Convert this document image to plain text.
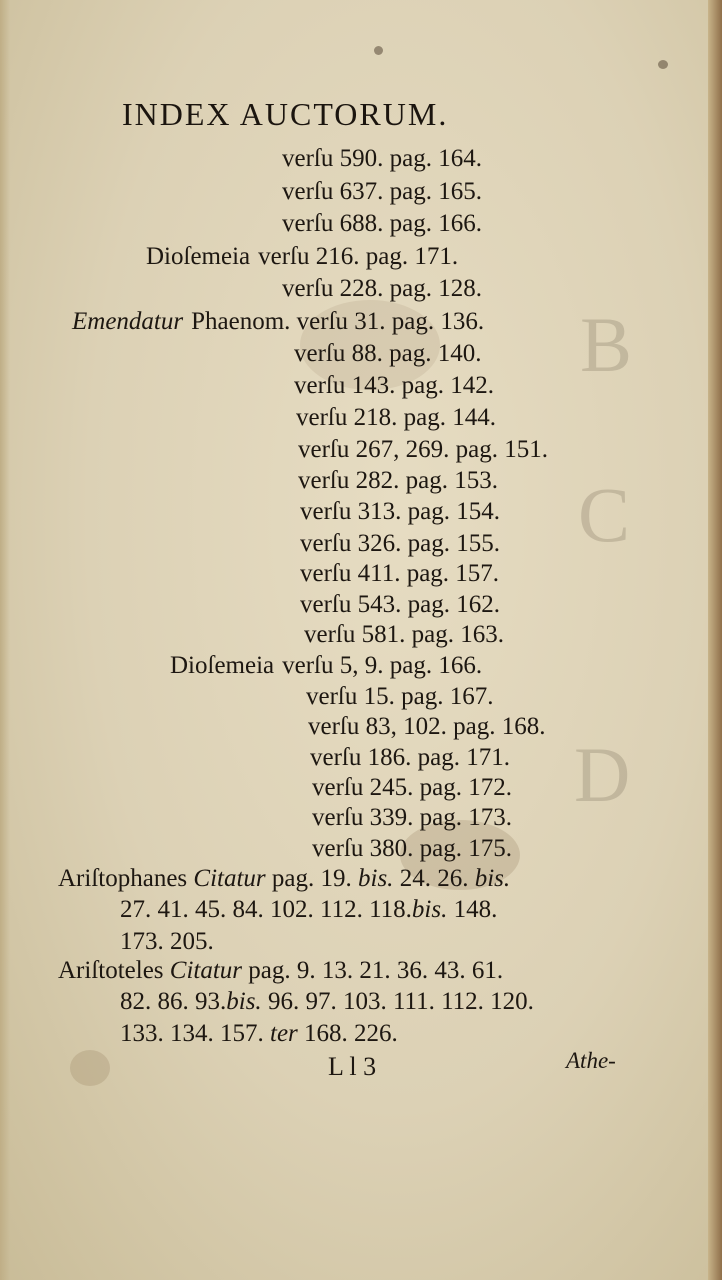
B
C
D
INDEX AUCTORUM.
verſu 590. pag. 164.
verſu 637. pag. 165.
verſu 688. pag. 166.
Dioſemeia verſu 216. pag. 171.
verſu 228. pag. 128.
Emendatur Phaenom. verſu 31. pag. 136.
verſu 88. pag. 140.
verſu 143. pag. 142.
verſu 218. pag. 144.
verſu 267, 269. pag. 151.
verſu 282. pag. 153.
verſu 313. pag. 154.
verſu 326. pag. 155.
verſu 411. pag. 157.
verſu 543. pag. 162.
verſu 581. pag. 163.
Dioſemeia verſu 5, 9. pag. 166.
verſu 15. pag. 167.
verſu 83, 102. pag. 168.
verſu 186. pag. 171.
verſu 245. pag. 172.
verſu 339. pag. 173.
verſu 380. pag. 175.
Ariſtophanes Citatur pag. 19. bis. 24. 26. bis.
27. 41. 45. 84. 102. 112. 118.bis. 148.
173. 205.
Ariſtoteles Citatur pag. 9. 13. 21. 36. 43. 61.
82. 86. 93.bis. 96. 97. 103. 111. 112. 120.
133. 134. 157. ter 168. 226.
L l 3	Athe-
